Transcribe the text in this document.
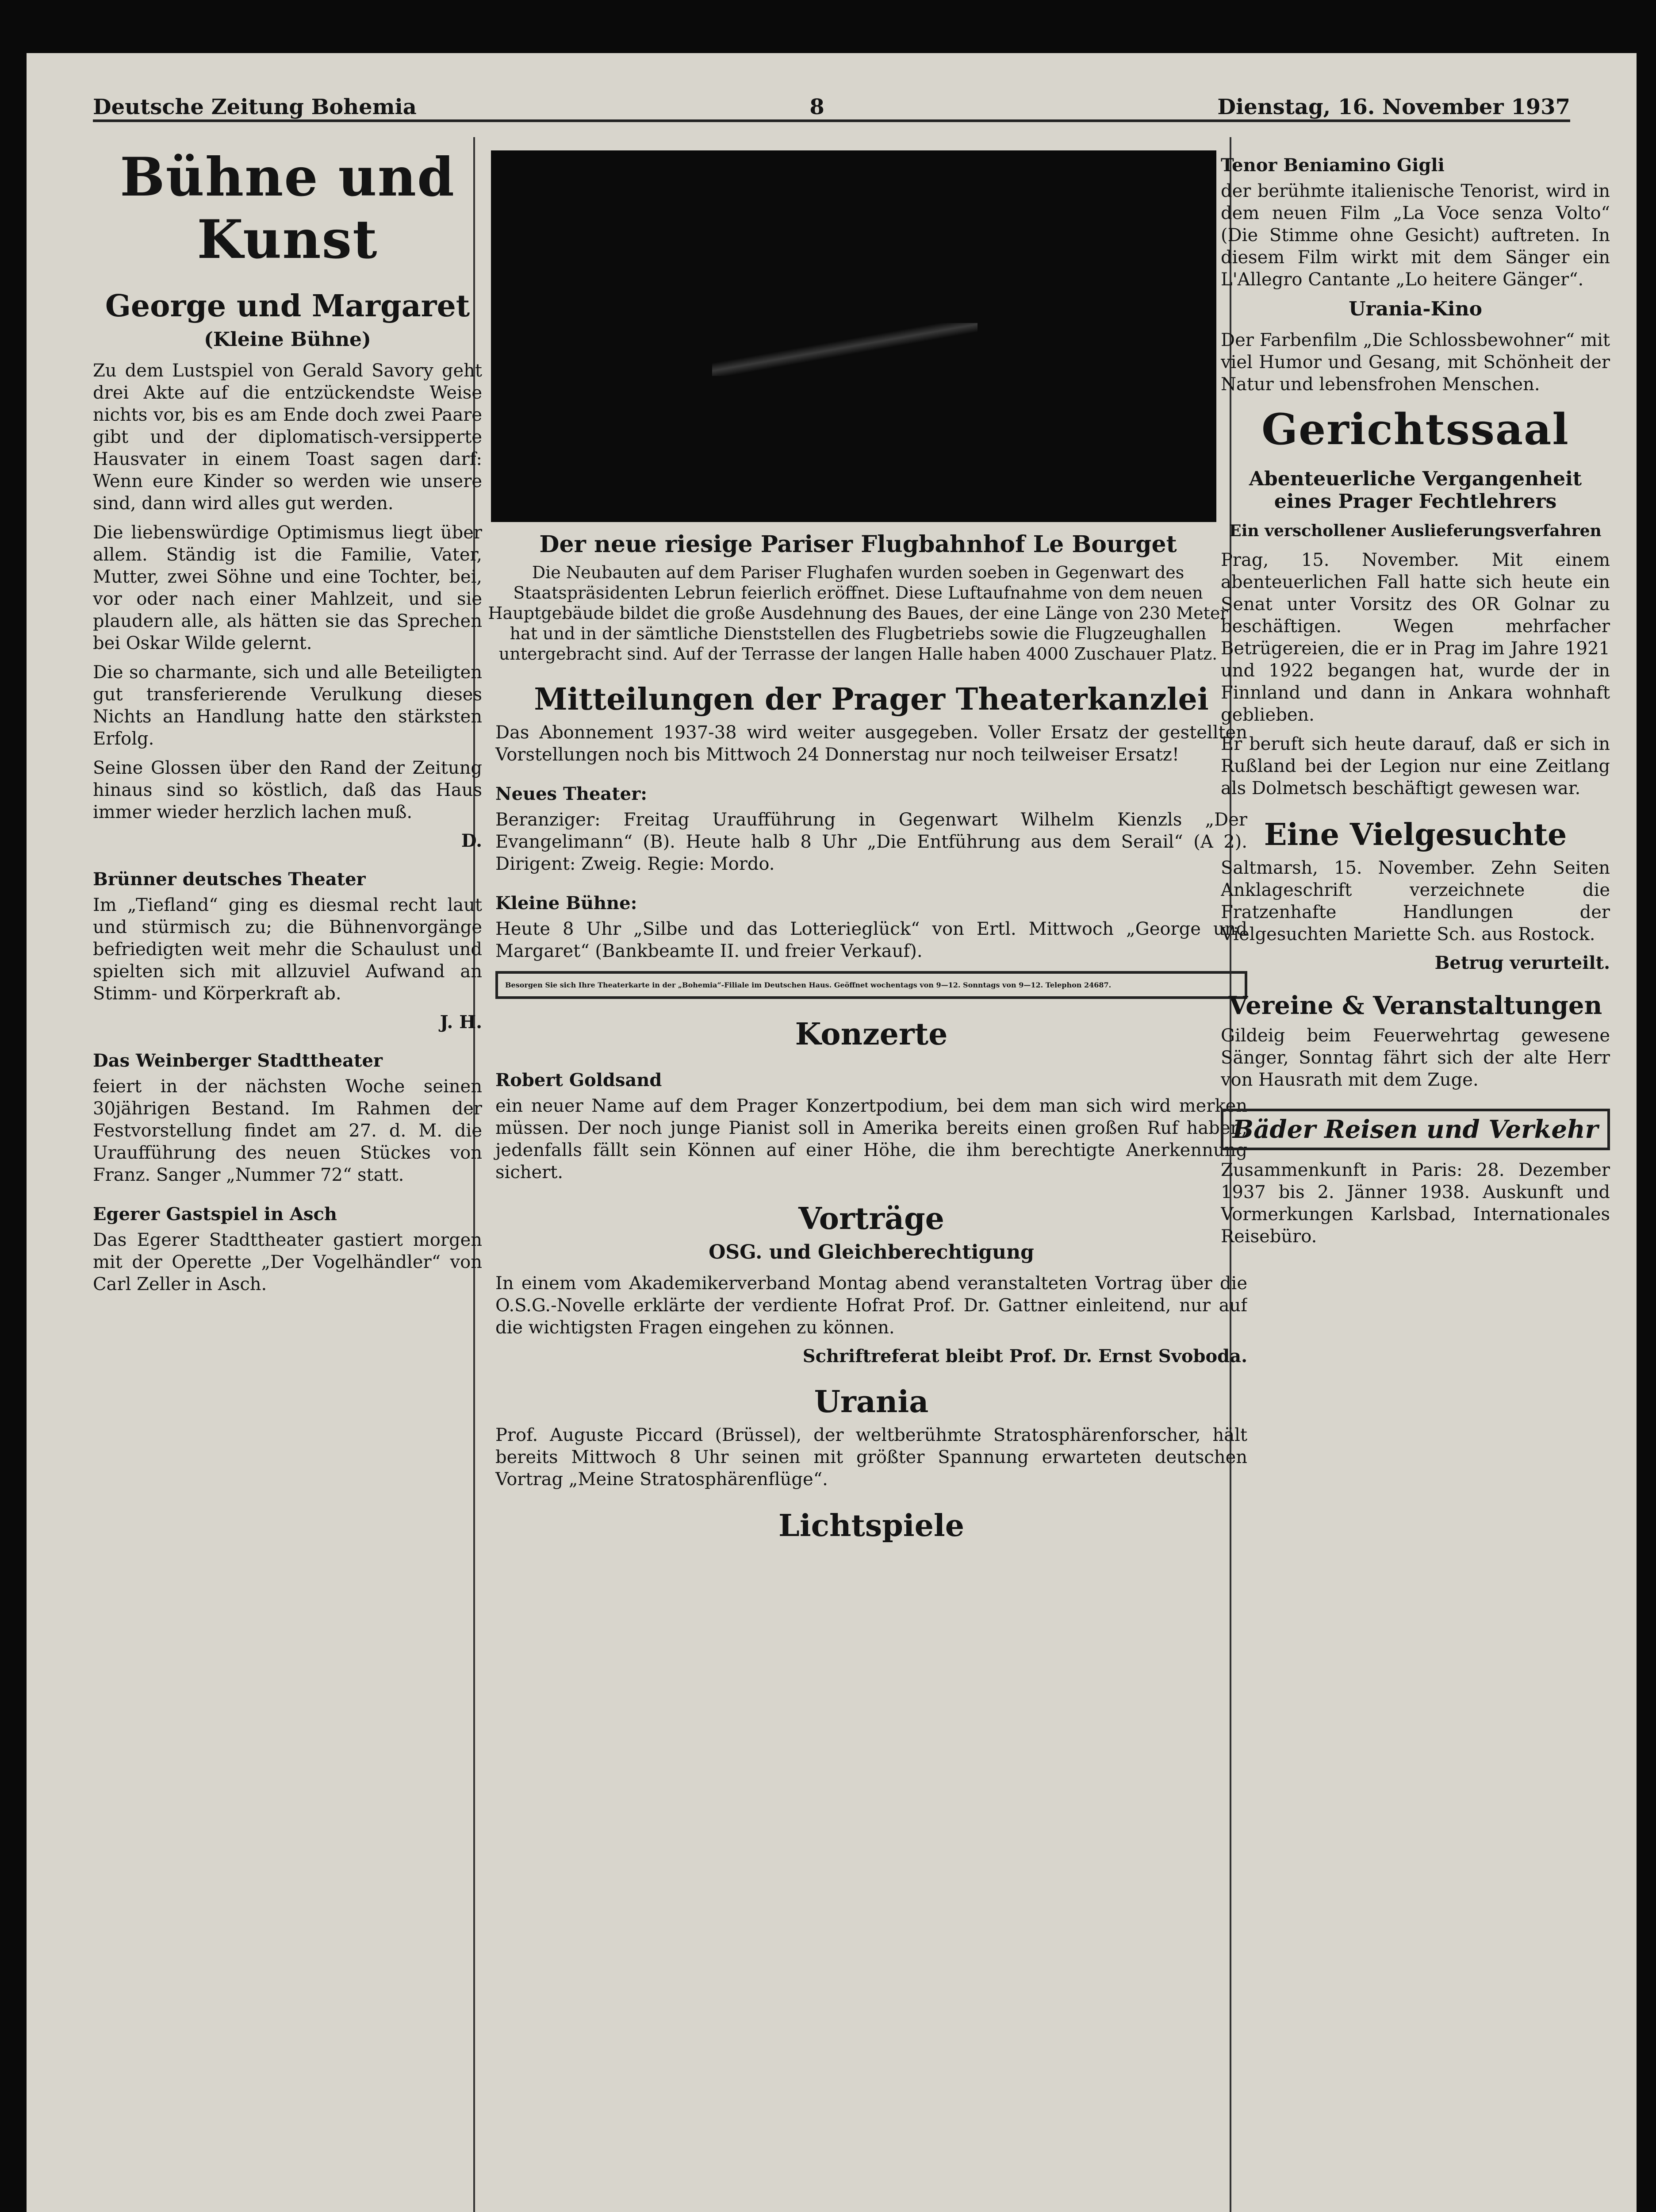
Deutsche Zeitung Bohemia	8	Dienstag, 16. November 1937
Bühne und Kunst
George und Margaret
(Kleine Bühne)

Zu dem Lustspiel von Gerald Savory geht drei Akte auf die entzückendste Weise nichts vor, bis es am Ende doch zwei Paare gibt und der diplomatisch-versipperte Hausvater in einem Toast sagen darf: Wenn eure Kinder so werden wie unsere sind, dann wird alles gut werden.

Die liebenswürdige Optimismus liegt über allem. Ständig ist die Familie, Vater, Mutter, zwei Söhne und eine Tochter, bei, vor oder nach einer Mahlzeit, und sie plaudern alle, als hätten sie das Sprechen bei Oskar Wilde gelernt.

Die so charmante, sich und alle Beteiligten gut transferierende Verulkung dieses Nichts an Handlung hatte den stärksten Erfolg.

Seine Glossen über den Rand der Zeitung hinaus sind so köstlich, daß das Haus immer wieder herzlich lachen muß.

D.
Brünner deutsches Theater

Im „Tiefland“ ging es diesmal recht laut und stürmisch zu; die Bühnenvorgänge befriedigten weit mehr die Schaulust und spielten sich mit allzuviel Aufwand an Stimm- und Körperkraft ab.

J. H.
Das Weinberger Stadttheater

feiert in der nächsten Woche seinen 30jährigen Bestand. Im Rahmen der Festvorstellung findet am 27. d. M. die Uraufführung des neuen Stückes von Franz. Sanger „Nummer 72“ statt.

Egerer Gastspiel in Asch

Das Egerer Stadttheater gastiert morgen mit der Operette „Der Vogelhändler“ von Carl Zeller in Asch.

Der neue riesige Pariser Flugbahnhof Le Bourget
Die Neubauten auf dem Pariser Flughafen wurden soeben in Gegenwart des Staatspräsidenten Lebrun feierlich eröffnet. Diese Luftaufnahme von dem neuen Hauptgebäude bildet die große Ausdehnung des Baues, der eine Länge von 230 Meter hat und in der sämtliche Dienststellen des Flugbetriebs sowie die Flugzeughallen untergebracht sind. Auf der Terrasse der langen Halle haben 4000 Zuschauer Platz.
Mitteilungen der Prager Theaterkanzlei

Das Abonnement 1937-38 wird weiter ausgegeben. Voller Ersatz der gestellten Vorstellungen noch bis Mittwoch 24 Donnerstag nur noch teilweiser Ersatz!

Neues Theater:

Beranziger: Freitag Uraufführung in Gegenwart Wilhelm Kienzls „Der Evangelimann“ (B). Heute halb 8 Uhr „Die Entführung aus dem Serail“ (A 2). Dirigent: Zweig. Regie: Mordo.

Kleine Bühne:

Heute 8 Uhr „Silbe und das Lotterieglück“ von Ertl. Mittwoch „George und Margaret“ (Bankbeamte II. und freier Verkauf).

Besorgen Sie sich Ihre Theaterkarte in der „Bohemia“-Filiale im Deutschen Haus. Geöffnet wochentags von 9—12. Sonntags von 9—12. Telephon 24687.
Konzerte
Robert Goldsand

ein neuer Name auf dem Prager Konzertpodium, bei dem man sich wird merken müssen. Der noch junge Pianist soll in Amerika bereits einen großen Ruf haben, jedenfalls fällt sein Können auf einer Höhe, die ihm berechtigte Anerkennung sichert.

Vorträge
OSG. und Gleichberechtigung

In einem vom Akademikerverband Montag abend veranstalteten Vortrag über die O.S.G.-Novelle erklärte der verdiente Hofrat Prof. Dr. Gattner einleitend, nur auf die wichtigsten Fragen eingehen zu können.

Schriftreferat bleibt Prof. Dr. Ernst Svoboda.
Urania

Prof. Auguste Piccard (Brüssel), der weltberühmte Stratosphärenforscher, hält bereits Mittwoch 8 Uhr seinen mit größter Spannung erwarteten deutschen Vortrag „Meine Stratosphärenflüge“.

Lichtspiele
Tenor Beniamino Gigli

der berühmte italienische Tenorist, wird in dem neuen Film „La Voce senza Volto“ (Die Stimme ohne Gesicht) auftreten. In diesem Film wirkt mit dem Sänger ein L'Allegro Cantante „Lo heitere Gänger“.

Urania-Kino

Der Farbenfilm „Die Schlossbewohner“ mit viel Humor und Gesang, mit Schönheit der Natur und lebensfrohen Menschen.

Gerichtssaal
Abenteuerliche Vergangenheit eines Prager Fechtlehrers
Ein verschollener Auslieferungsverfahren

Prag, 15. November. Mit einem abenteuerlichen Fall hatte sich heute ein Senat unter Vorsitz des OR Golnar zu beschäftigen. Wegen mehrfacher Betrügereien, die er in Prag im Jahre 1921 und 1922 begangen hat, wurde der in Finnland und dann in Ankara wohnhaft geblieben.

Er beruft sich heute darauf, daß er sich in Rußland bei der Legion nur eine Zeitlang als Dolmetsch beschäftigt gewesen war.

Eine Vielgesuchte

Saltmarsh, 15. November. Zehn Seiten Anklageschrift verzeichnete die Fratzenhafte Handlungen der Vielgesuchten Mariette Sch. aus Rostock.

Betrug verurteilt.
Vereine & Veranstaltungen

Gildeig beim Feuerwehrtag gewesene Sänger, Sonntag fährt sich der alte Herr von Hausrath mit dem Zuge.

Bäder Reisen und Verkehr

Zusammenkunft in Paris: 28. Dezember 1937 bis 2. Jänner 1938. Auskunft und Vormerkungen Karlsbad, Internationales Reisebüro.
